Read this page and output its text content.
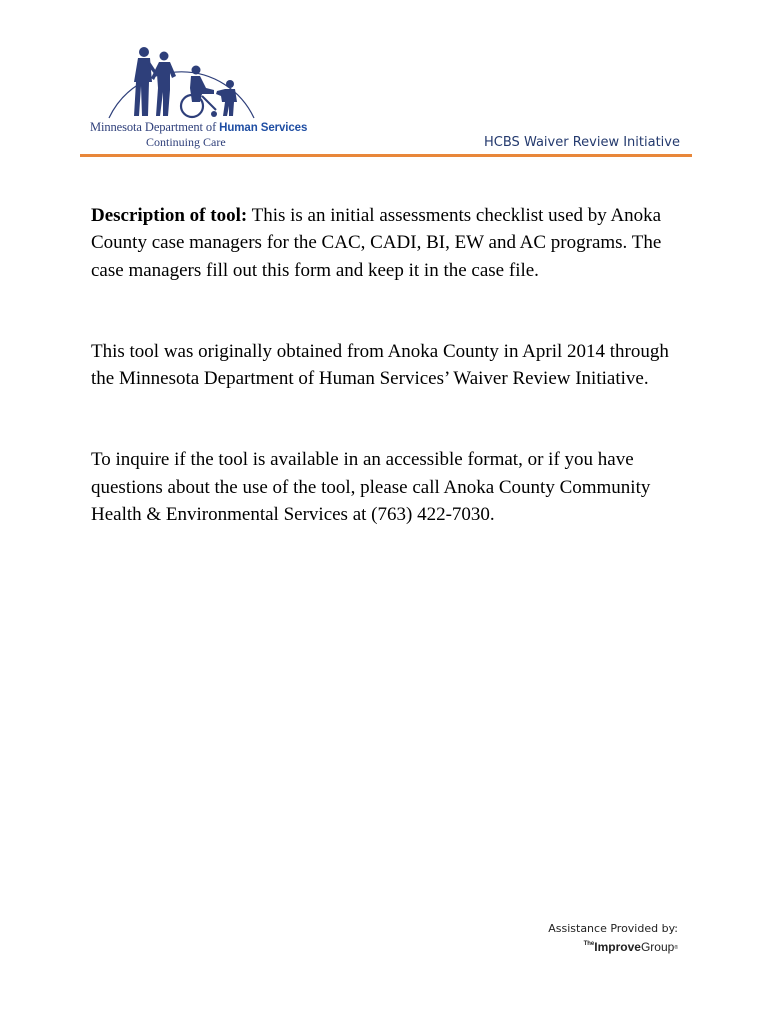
Minnesota Department of Human Services
Continuing Care	HCBS Waiver Review Initiative

Description of tool: This is an initial assessments checklist used by Anoka County case managers for the CAC, CADI, BI, EW and AC programs. The case managers fill out this form and keep it in the case file.

This tool was originally obtained from Anoka County in April 2014 through the Minnesota Department of Human Services’ Waiver Review Initiative.

To inquire if the tool is available in an accessible format, or if you have questions about the use of the tool, please call Anoka County Community Health & Environmental Services at (763) 422-7030.

Assistance Provided by:
$^{The}$ImproveGroup®
